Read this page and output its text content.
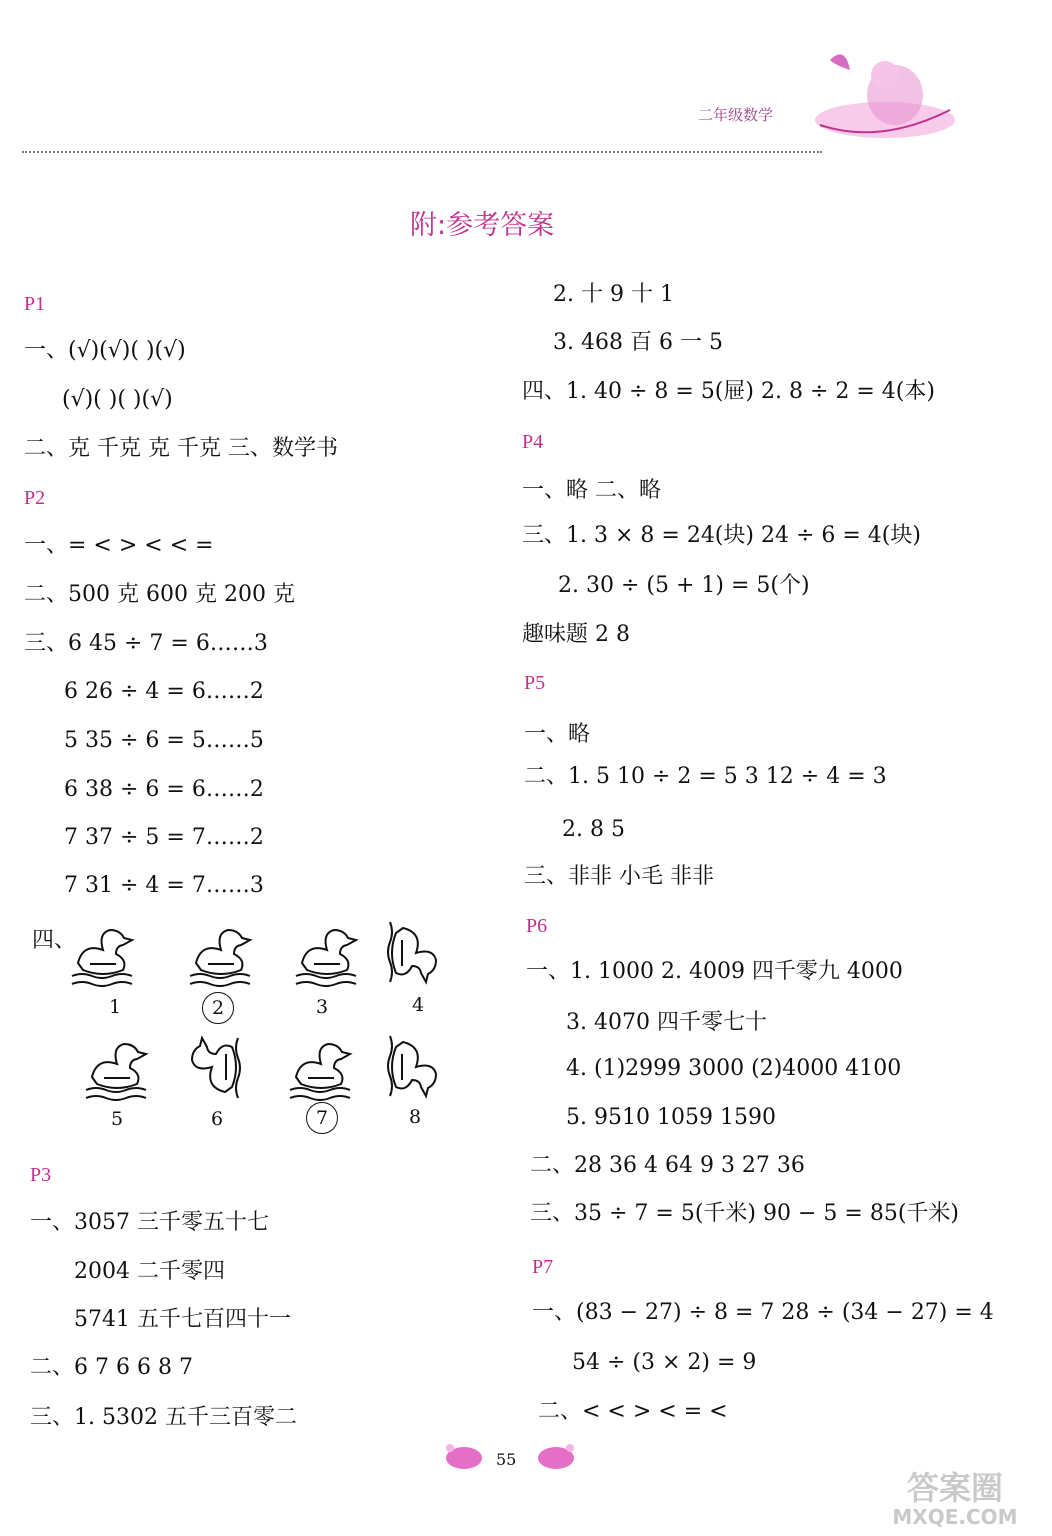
二年级数学
附:参考答案
P1
一、(√)(√)( )(√)
(√)( )( )(√)
二、克 千克 克 千克 三、数学书
P2
一、= < > < < =
二、500 克 600 克 200 克
三、6 45 ÷ 7 = 6……3
6 26 ÷ 4 = 6……2
5 35 ÷ 6 = 5……5
6 38 ÷ 6 = 6……2
7 37 ÷ 5 = 7……2
7 31 ÷ 4 = 7……3
四、
1	2	3	4
5	6	7	8
P3
一、3057 三千零五十七
2004 二千零四
5741 五千七百四十一
二、6 7 6 6 8 7
三、1. 5302 五千三百零二
2. 十 9 十 1
3. 468 百 6 一 5
四、1. 40 ÷ 8 = 5(屉) 2. 8 ÷ 2 = 4(本)
P4
一、略 二、略
三、1. 3 × 8 = 24(块) 24 ÷ 6 = 4(块)
2. 30 ÷ (5 + 1) = 5(个)
趣味题 2 8
P5
一、略
二、1. 5 10 ÷ 2 = 5 3 12 ÷ 4 = 3
2. 8 5
三、非非 小毛 非非
P6
一、1. 1000 2. 4009 四千零九 4000
3. 4070 四千零七十
4. (1)2999 3000 (2)4000 4100
5. 9510 1059 1590
二、28 36 4 64 9 3 27 36
三、35 ÷ 7 = 5(千米) 90 − 5 = 85(千米)
P7
一、(83 − 27) ÷ 8 = 7 28 ÷ (34 − 27) = 4
54 ÷ (3 × 2) = 9
二、< < > < = <
55
答案圈
MXQE.COM
